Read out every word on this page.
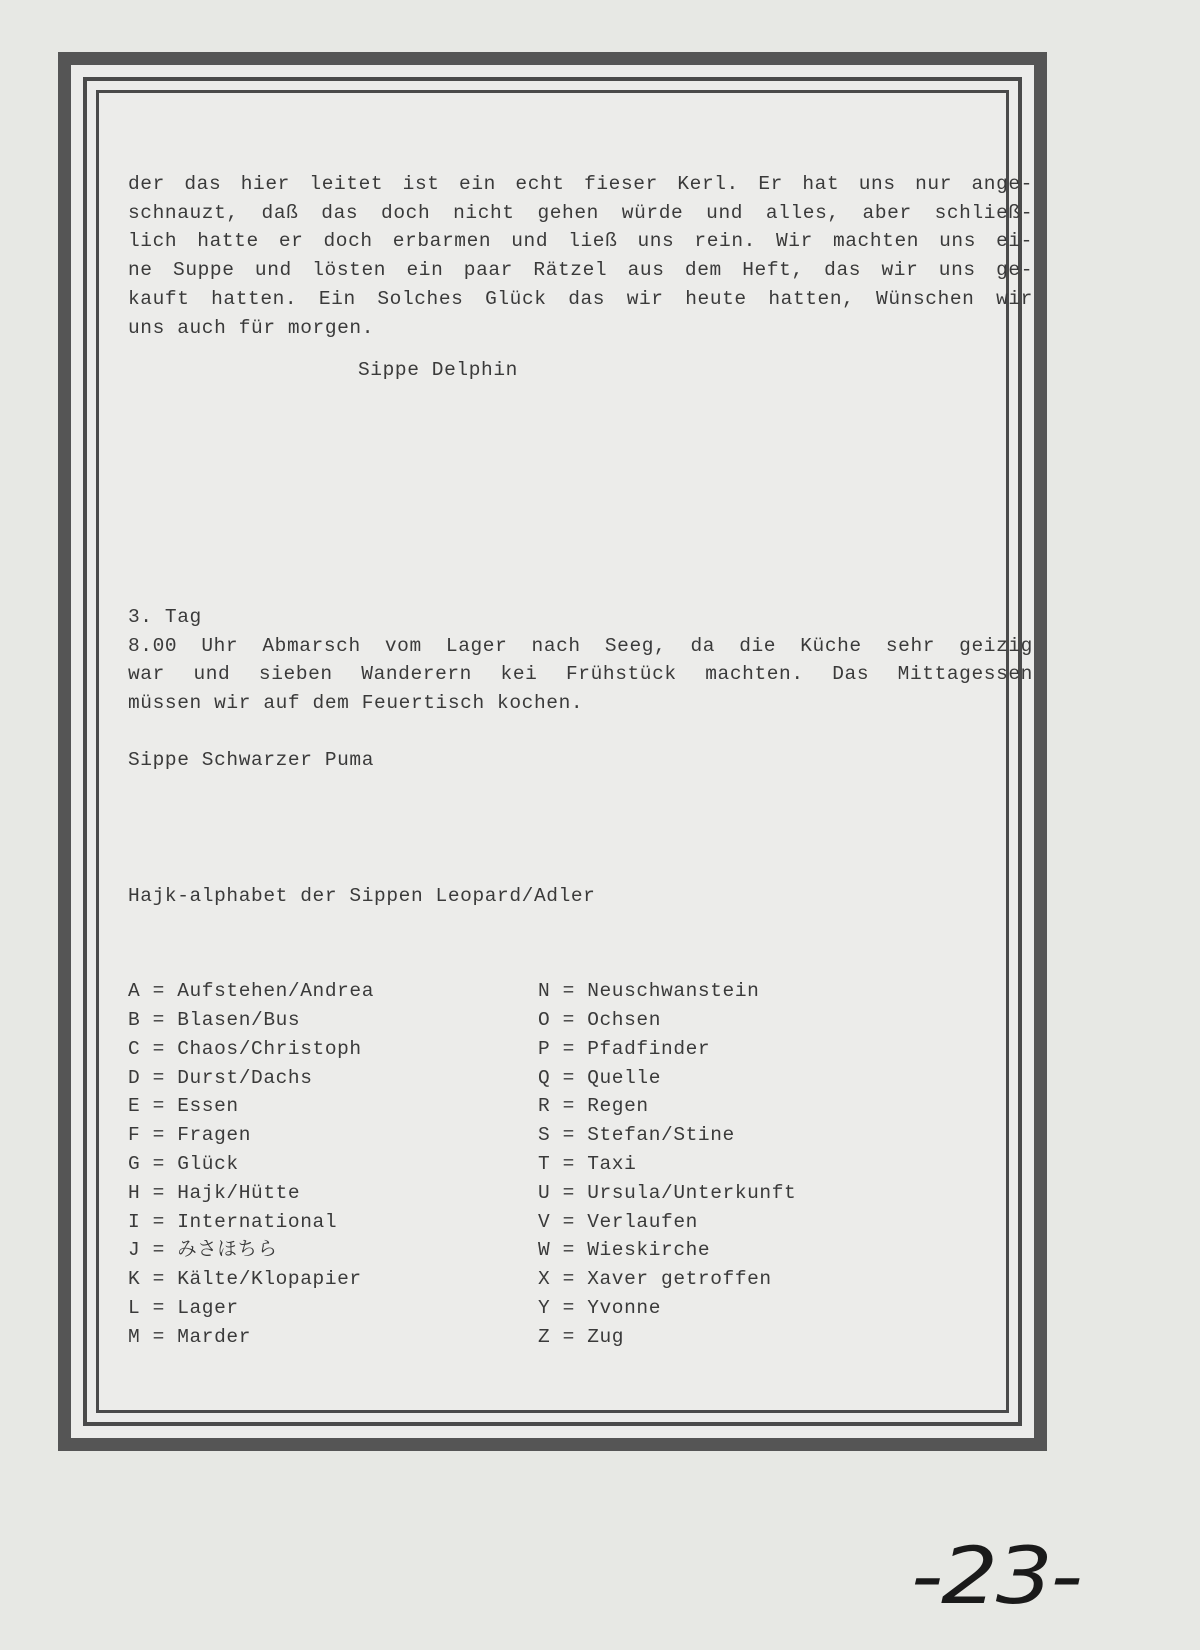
der das hier leitet ist ein echt fieser Kerl. Er hat uns nur ange-

schnauzt, daß das doch nicht gehen würde und alles, aber schließ-

lich hatte er doch erbarmen und ließ uns rein. Wir machten uns ei-

ne Suppe und lösten ein paar Rätzel aus dem Heft, das wir uns ge-

kauft hatten. Ein Solches Glück das wir heute hatten, Wünschen wir

uns auch für morgen.

Sippe Delphin
3. Tag

8.00 Uhr Abmarsch vom Lager nach Seeg, da die Küche sehr geizig

war und sieben Wanderern kei Frühstück machten. Das Mittagessen

müssen wir auf dem Feuertisch kochen.

Sippe Schwarzer Puma
Hajk-alphabet der Sippen Leopard/Adler
A = Aufstehen/Andrea
B = Blasen/Bus
C = Chaos/Christoph
D = Durst/Dachs
E = Essen
F = Fragen
G = Glück
H = Hajk/Hütte
I = International
J = みさほちら
K = Kälte/Klopapier
L = Lager
M = Marder
N = Neuschwanstein
O = Ochsen
P = Pfadfinder
Q = Quelle
R = Regen
S = Stefan/Stine
T = Taxi
U = Ursula/Unterkunft
V = Verlaufen
W = Wieskirche
X = Xaver getroffen
Y = Yvonne
Z = Zug
-23-
